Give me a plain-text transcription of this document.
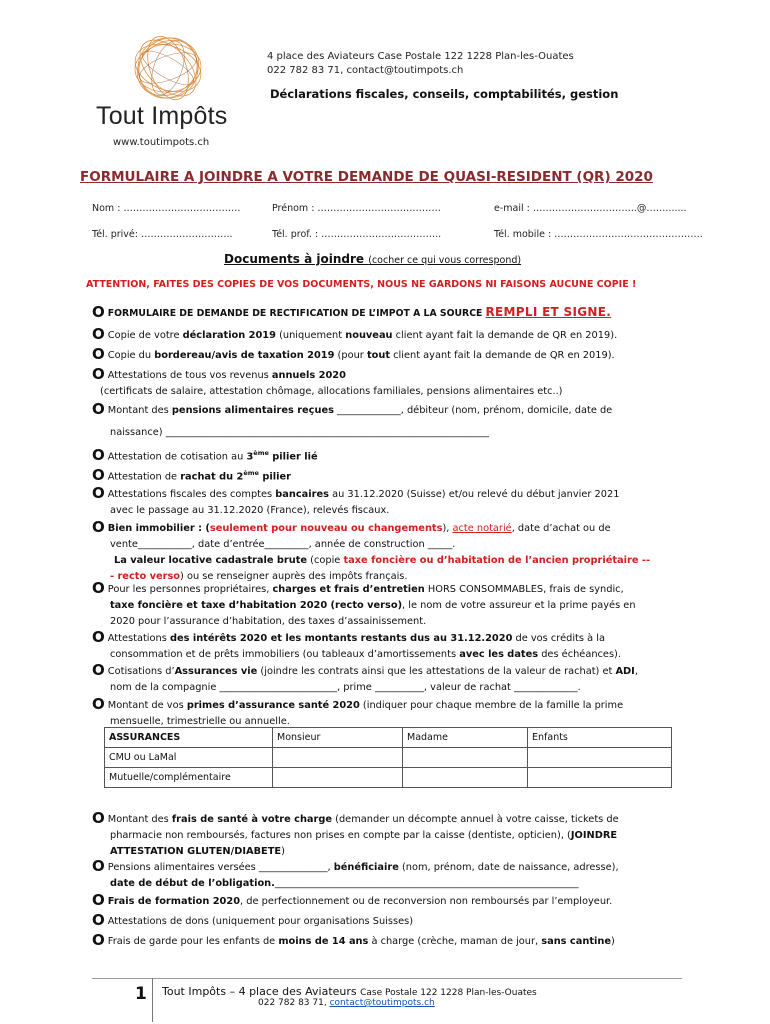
Tout Impôts
4 place des Aviateurs Case Postale 122 1228 Plan-les-Ouates
022 782 83 71, contact@toutimpots.ch
Déclarations fiscales, conseils, comptabilités, gestion
www.toutimpots.ch
FORMULAIRE A JOINDRE A VOTRE DEMANDE DE QUASI-RESIDENT (QR) 2020
Nom : ……………………………….	Prénom : …………………………………	e-mail : ………………….………..@…….......
Tél. privé: ………………………..	Tél. prof. : ………………………………..	Tél. mobile : ………………………………………..
Documents à joindre (cocher ce qui vous correspond)
ATTENTION, FAITES DES COPIES DE VOS DOCUMENTS, NOUS NE GARDONS NI FAISONS AUCUNE COPIE !
OFORMULAIRE DE DEMANDE DE RECTIFICATION DE L’IMPOT A LA SOURCE REMPLI ET SIGNE.
O Copie de votre déclaration 2019 (uniquement nouveau client ayant fait la demande de QR en 2019).
O Copie du bordereau/avis de taxation 2019 (pour tout client ayant fait la demande de QR en 2019).
O Attestations de tous vos revenus annuels 2020
(certificats de salaire, attestation chômage, allocations familiales, pensions alimentaires etc..)
O Montant des pensions alimentaires reçues _____________, débiteur (nom, prénom, domicile, date de
naissance) __________________________________________________________________
O Attestation de cotisation au 3ème pilier lié
O Attestation de rachat du 2ème pilier
O Attestations fiscales des comptes bancaires au 31.12.2020 (Suisse) et/ou relevé du début janvier 2021
avec le passage au 31.12.2020 (France), relevés fiscaux.
O Bien immobilier : (seulement pour nouveau ou changements), acte notarié, date d’achat ou de
vente___________, date d’entrée_________, année de construction _____.
La valeur locative cadastrale brute (copie taxe foncière ou d’habitation de l’ancien propriétaire --
- recto verso) ou se renseigner auprès des impôts français.
O Pour les personnes propriétaires, charges et frais d’entretien HORS CONSOMMABLES, frais de syndic,
taxe foncière et taxe d’habitation 2020 (recto verso), le nom de votre assureur et la prime payés en
2020 pour l’assurance d’habitation, des taxes d’assainissement.
O Attestations des intérêts 2020 et les montants restants dus au 31.12.2020 de vos crédits à la
consommation et de prêts immobiliers (ou tableaux d’amortissements avec les dates des échéances).
O Cotisations d’Assurances vie (joindre les contrats ainsi que les attestations de la valeur de rachat) et ADI,
nom de la compagnie ________________________, prime __________, valeur de rachat _____________.
O Montant de vos primes d’assurance santé 2020 (indiquer pour chaque membre de la famille la prime
mensuelle, trimestrielle ou annuelle.
ASSURANCES	Monsieur	Madame	Enfants
CMU ou LaMal			
Mutuelle/complémentaire			
O Montant des frais de santé à votre charge (demander un décompte annuel à votre caisse, tickets de
pharmacie non remboursés, factures non prises en compte par la caisse (dentiste, opticien), (JOINDRE
ATTESTATION GLUTEN/DIABETE)
O Pensions alimentaires versées ______________, bénéficiaire (nom, prénom, date de naissance, adresse),
date de début de l’obligation.______________________________________________________________
O Frais de formation 2020, de perfectionnement ou de reconversion non remboursés par l’employeur.
O Attestations de dons (uniquement pour organisations Suisses)
O Frais de garde pour les enfants de moins de 14 ans à charge (crèche, maman de jour, sans cantine)
1 Tout Impôts – 4 place des Aviateurs Case Postale 122 1228 Plan-les-Ouates
022 782 83 71, contact@toutimpots.ch
